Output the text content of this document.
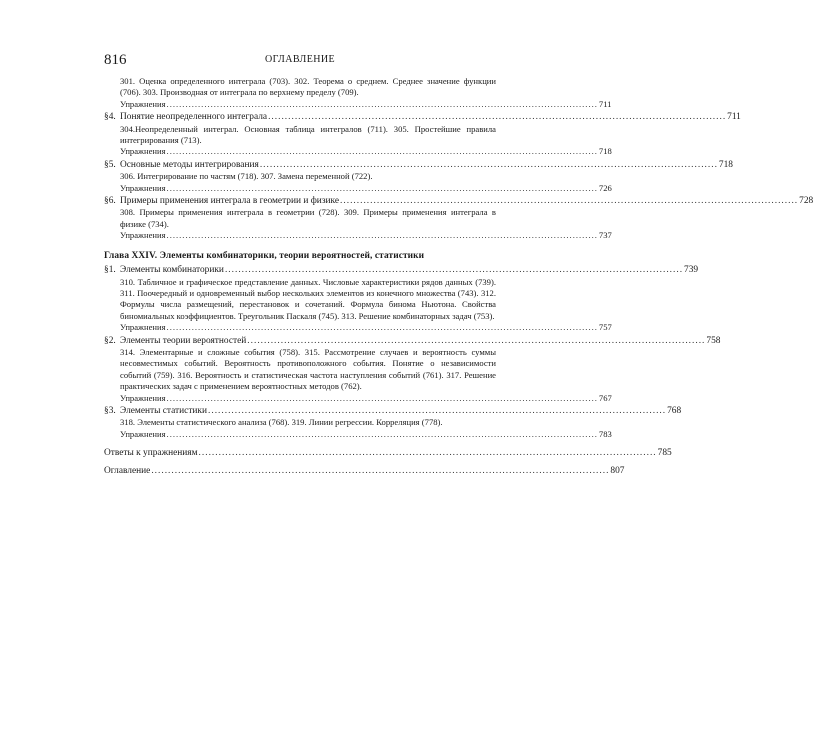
816	ОГЛАВЛЕНИЕ
301. Оценка определенного интеграла (703). 302. Теорема о среднем. Среднее значение функции (706). 303. Производная от интеграла по верхнему пределу (709).
Упражнения ......................................................................................................................................... 711
§4. Понятие неопределенного интеграла ......................................................................................................................................... 711
304.Неопределенный интеграл. Основная таблица интегралов (711). 305. Простейшие правила интегрирования (713).
Упражнения ......................................................................................................................................... 718
§5. Основные методы интегрирования ......................................................................................................................................... 718
306. Интегрирование по частям (718). 307. Замена переменной (722).
Упражнения ......................................................................................................................................... 726
§6. Примеры применения интеграла в геометрии и физике ......................................................................................................................................... 728
308. Примеры применения интеграла в геометрии (728). 309. Примеры применения интеграла в физике (734).
Упражнения ......................................................................................................................................... 737
Глава XXIV. Элементы комбинаторики, теории вероятностей, статистики
§1. Элементы комбинаторики ......................................................................................................................................... 739
310. Табличное и графическое представление данных. Числовые характеристики рядов данных (739). 311. Поочередный и одновременный выбор нескольких элементов из конечного множества (743). 312. Формулы числа размещений, перестановок и сочетаний. Формула бинома Ньютона. Свойства биномиальных коэффициентов. Треугольник Паскаля (745). 313. Решение комбинаторных задач (753).
Упражнения ......................................................................................................................................... 757
§2. Элементы теории вероятностей ......................................................................................................................................... 758
314. Элементарные и сложные события (758). 315. Рассмотрение случаев и вероятность суммы несовместимых событий. Вероятность противоположного события. Понятие о независимости событий (759). 316. Вероятность и статистическая частота наступления событий (761). 317. Решение практических задач с применением вероятностных методов (762).
Упражнения ......................................................................................................................................... 767
§3. Элементы статистики ......................................................................................................................................... 768
318. Элементы статистического анализа (768). 319. Линии регрессии. Корреляция (778).
Упражнения ......................................................................................................................................... 783
Ответы к упражнениям ......................................................................................................................................... 785
Оглавление ......................................................................................................................................... 807
